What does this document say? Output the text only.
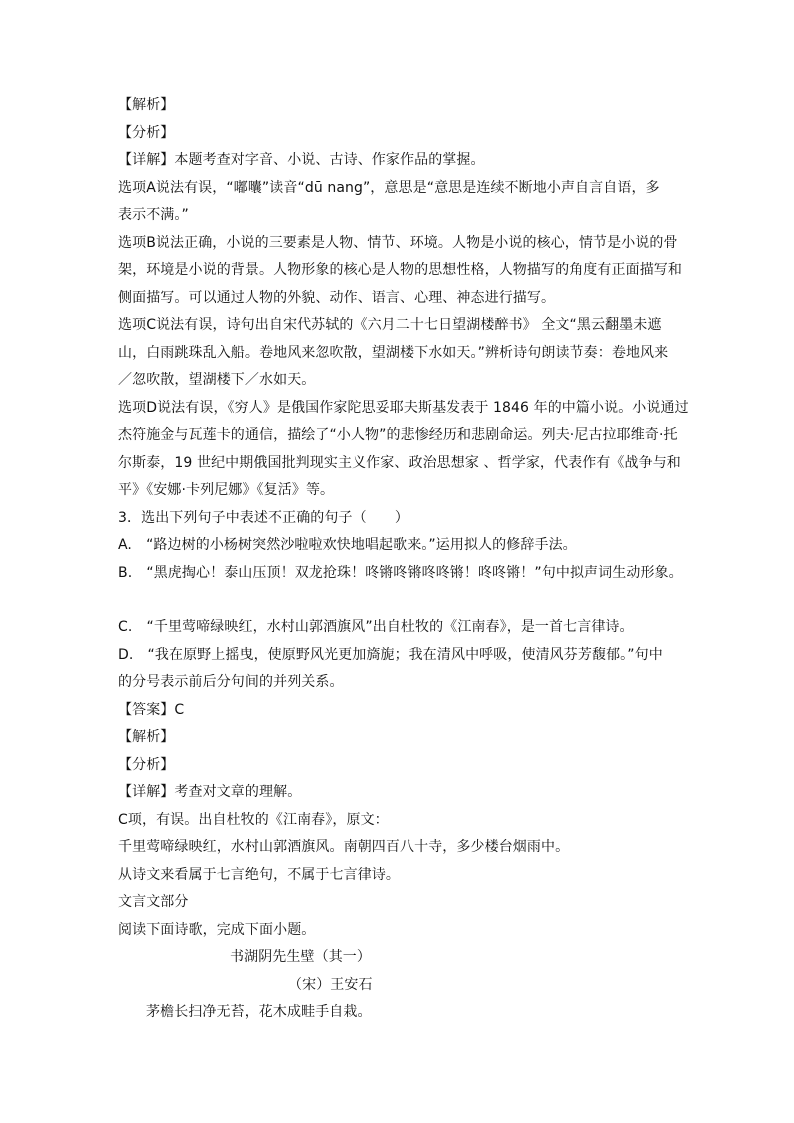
【解析】
【分析】
【详解】本题考查对字音、小说、古诗、作家作品的掌握。
选项A说法有误，“嘟囔”读音“dū nang”，意思是“意思是连续不断地小声自言自语，多
表示不满。”
选项B说法正确，小说的三要素是人物、情节、环境。人物是小说的核心，情节是小说的骨
架，环境是小说的背景。人物形象的核心是人物的思想性格，人物描写的角度有正面描写和
侧面描写。可以通过人物的外貌、动作、语言、心理、神态进行描写。
选项C说法有误，诗句出自宋代苏轼的《六月二十七日望湖楼醉书》 全文“黑云翻墨未遮
山，白雨跳珠乱入船。卷地风来忽吹散，望湖楼下水如天。”辨析诗句朗读节奏：卷地风来
／忽吹散，望湖楼下／水如天。
选项D说法有误，《穷人》是俄国作家陀思妥耶夫斯基发表于 1846 年的中篇小说。小说通过
杰符施金与瓦莲卡的通信，描绘了“小人物”的悲惨经历和悲剧命运。列夫·尼古拉耶维奇·托
尔斯泰，19 世纪中期俄国批判现实主义作家、政治思想家 、哲学家，代表作有《战争与和
平》《安娜·卡列尼娜》《复活》等。
3．选出下列句子中表述不正确的句子（　　）
A.　“路边树的小杨树突然沙啦啦欢快地唱起歌来。”运用拟人的修辞手法。
B.　“黑虎掏心！泰山压顶！双龙抢珠！咚锵咚锵咚咚锵！咚咚锵！”句中拟声词生动形象。
C.　“千里莺啼绿映红，水村山郭酒旗风”出自杜牧的《江南春》，是一首七言律诗。
D.　“我在原野上摇曳，使原野风光更加旖旎；我在清风中呼吸，使清风芬芳馥郁。”句中
的分号表示前后分句间的并列关系。
【答案】C
【解析】
【分析】
【详解】考查对文章的理解。
C项，有误。出自杜牧的《江南春》，原文：
千里莺啼绿映红，水村山郭酒旗风。南朝四百八十寺，多少楼台烟雨中。
从诗文来看属于七言绝句，不属于七言律诗。
文言文部分
阅读下面诗歌，完成下面小题。
书湖阴先生壁（其一）
（宋）王安石
茅檐长扫净无苔，花木成畦手自栽。
